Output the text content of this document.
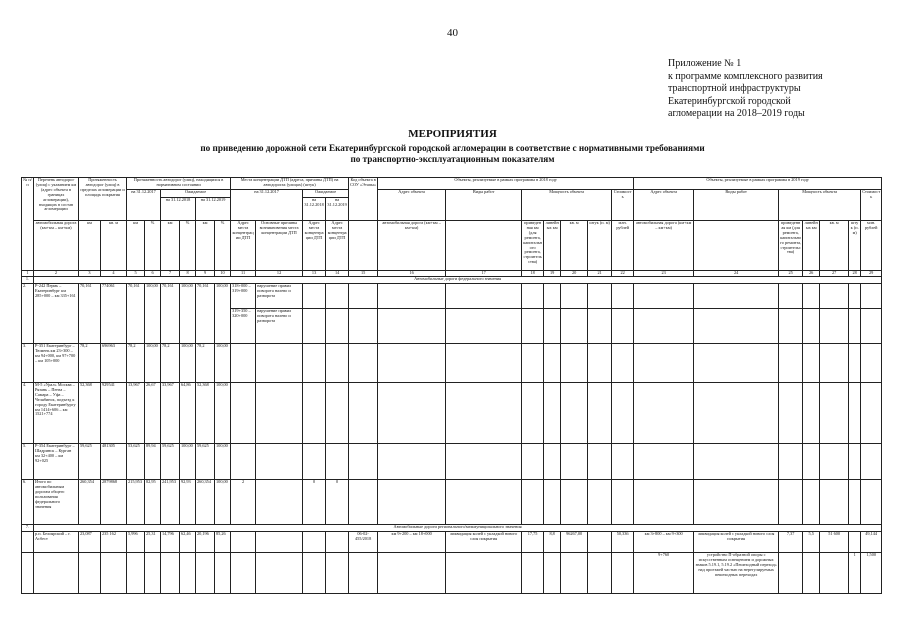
40
Приложение № 1
к программе комплексного развития
транспортной инфраструктуры
Екатеринбургской городской
агломерации на 2018–2019 годы
МЕРОПРИЯТИЯ
по приведению дорожной сети Екатеринбургской городской агломерации в соответствие с нормативными требованиями
по транспортно-эксплуатационным показателям
№ п/п	Перечень автодорог (улиц) с указанием км (адрес объекта в границах агломерации), входящих в состав агломерации	Протяженность автодорог (улиц) в пределах агломерации и площадь покрытия		Протяженность автодорог (улиц), находящихся в нормативном состоянии						Места концентрации ДТП (адреса, причины ДТП) на автодорогах (улицах) (штук)				Код объекта в СОУ «Этапы»	Объекты, реализуемые в рамках программы в 2018 году							Объекты, реализуемые в рамках программы в 2019 году						
				на 31.12.2017		Ожидаемое				на 31.12.2017		Ожидаемое			Адрес объекта	Виды работ	Мощность объекта				Стоимость	Адрес объекта	Виды работ	Мощность объекта				Стоимость
						на 31.12.2018		на 31.12.2019				на 31.12.2018	на 31.12.2019															
	автомобильная дорога (км+км – км+км)	км	кв. м	км	%	км	%	км	%	Адрес места концентрации ДТП	Основные причины возникновения места концентрации ДТП	Адрес места концентрации ДТП	Адрес места концентрации ДТП		автомобильная дорога (км+км – км+км)		приведенная км (для ремонта, капитального ремонта, строительства)	линейных км	кв. м	штук (п. м)	млн. рублей	автомобильная дорога (км+км – км+км)		приведенная км (для ремонта, капитального ремонта, строительства)	линейных км	кв. м	штук (п. м)	млн. рублей
1	2	3	4	5	6	7	8	9	10	11	12	13	14	15	16	17	18	19	20	21	22	23	24	25	26	27	28	29
1.	Автомобильные дороги федерального значения																											
2.	Р-242 Пермь – Екатеринбург км 285+000 – км 335+161	70,161	774061	70,161	100,00	70,161	100,00	70,161	100,00	318+000 – 319+000	нарушение правил поворота налево и разворота																	
										319+350 – 320+000	нарушение правил поворота налево и разворота																	
3.	Р-351 Екатеринбург – Тюмень км 23+300 – км 94+000, км 97+700 – км 105+000	78,2	696963	78,2	100,00	78,2	100,00	78,2	100,00																			
4.	М-5 «Урал» Москва – Рязань – Пенза – Самара – Уфа – Челябинск, подъезд к городу Екатеринбургу км 1414+606 – км 1521+774	52,368	929541	13,967	26,67	33,967	64,86	52,368	100,00																			
5.	Р-354 Екатеринбург – Шадринск – Курган км 32+400 – км 92+025	59,625	481305	53,625	89,94	59,625	100,00	59,625	100,00																			
6.	Итого по автомобильным дорогам общего пользования федерального значения	260,354	2879868	215,953	82,95	241,953	92,93	260,354	100,00	2		0	0															
7.	Автомобильные дороги регионального/межмуниципального значения																											
	р.п. Белоярский – г. Асбест	23,087	235 162	5,996	25,31	14,796	62,46	20,196	85,26					06-02-455/2018	км 9+200 – км 18+000	ликвидация колей с укладкой нового слоя покрытия	17,75	8,8	96267,00		50,336	км 3+800 – км 9+300	ликвидация колей с укладкой нового слоя покрытия	7,37	5,5	51 600		49,144
																						9+760	устройство П-образной опоры с искусственным освещением и дорожных знаков 5.19.1, 5.19.2 «Пешеходный переход» над проезжей частью на нерегулируемых пешеходных переходах				1	1,500
